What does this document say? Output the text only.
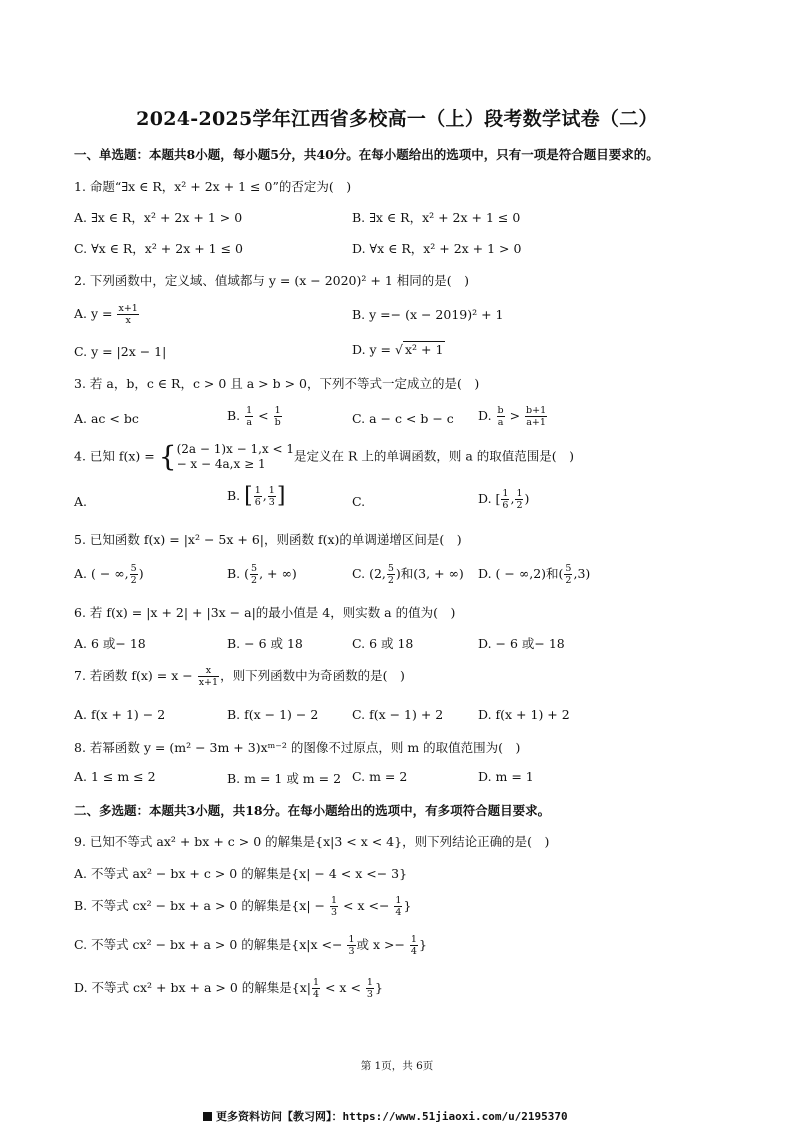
2024-2025学年江西省多校高一（上）段考数学试卷（二）
一、单选题：本题共8小题，每小题5分，共40分。在每小题给出的选项中，只有一项是符合题目要求的。
1. 命题“∃x ∈ R，x² + 2x + 1 ≤ 0”的否定为(　)
A. ∃x ∈ R，x² + 2x + 1 > 0	B. ∃x ∈ R，x² + 2x + 1 ≤ 0
C. ∀x ∈ R，x² + 2x + 1 ≤ 0	D. ∀x ∈ R，x² + 2x + 1 > 0
2. 下列函数中，定义域、值域都与 y = (x − 2020)² + 1 相同的是(　)
A. $y = \frac{x+1}{x}$	B. y =− (x − 2019)² + 1
C. y = |2x − 1|	D. y = √ x² + 1
3. 若 a，b，c ∈ R，c > 0 且 a > b > 0，下列不等式一定成立的是(　)
A. ac < bc	B. $\frac{1}{a} < \frac{1}{b}$	C. a − c < b − c D. $\frac{b}{a} > \frac{b+1}{a+1}$
4. 已知 f(x) = { (2a − 1)x − 1,x < 1
− x − 4a,x ≥ 1
是定义在 R 上的单调函数，则 a 的取值范围是(　)
A.	B. [ $\frac{1}{6}$ , $\frac{1}{3}$ ]	C.	D. [ $\frac{1}{6}$ , $\frac{1}{2}$ )
5. 已知函数 f(x) = |x² − 5x + 6|，则函数 f(x)的单调递增区间是(　)
A. ( − ∞, $\frac{5}{2}$ )	B. ( $\frac{5}{2}$ , + ∞)	C. (2, $\frac{5}{2}$ )和(3, + ∞) D. ( − ∞,2)和( $\frac{5}{2} ,3$)
6. 若 f(x) = |x + 2| + |3x − a|的最小值是 4，则实数 a 的值为(　)
A. 6 或− 18	B. − 6 或 18	C. 6 或 18	D. − 6 或− 18
7. 若函数 $f(x) = x - \frac{x}{x+1}$ ，则下列函数中为奇函数的是(　)
A. f(x + 1) − 2	B. f(x − 1) − 2	C. f(x − 1) + 2	D. f(x + 1) + 2
8. 若幂函数 y = (m² − 3m + 3)xᵐ⁻² 的图像不过原点，则 m 的取值范围为(　)
A. 1 ≤ m ≤ 2	B. m = 1 或 m = 2 C. m = 2	D. m = 1
二、多选题：本题共3小题，共18分。在每小题给出的选项中，有多项符合题目要求。
9. 已知不等式 ax² + bx + c > 0 的解集是{x|3 < x < 4}，则下列结论正确的是(　)
A. 不等式 ax² − bx + c > 0 的解集是{x| − 4 < x <− 3}
B. 不等式 cx² − bx + a > 0 的解集是{$x| - \frac{1}{3} < x <- \frac{1}{4}$ }
C. 不等式 cx² − bx + a > 0 的解集是{$x|x <- \frac{1}{3}$ 或 $x >- \frac{1}{4}$ }
D. 不等式 cx² + bx + a > 0 的解集是{$x| \frac{1}{4} < x < \frac{1}{3}$ }
第 1页，共 6页
更多资料访问【教习网】：https://www.51jiaoxi.com/u/2195370
